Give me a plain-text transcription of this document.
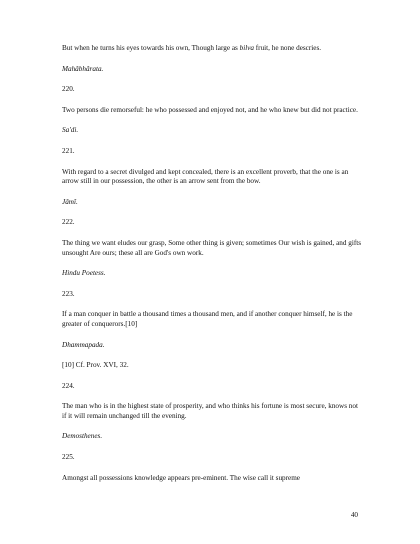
But when he turns his eyes towards his own, Though large as bilva fruit, he none descries.

Mahâbhârata.

220.

Two persons die remorseful: he who possessed and enjoyed not, and he who knew but did not practice.

Sa'di.

221.

With regard to a secret divulged and kept concealed, there is an excellent proverb, that the one is an arrow still in our possession, the other is an arrow sent from the bow.

Jâmî.

222.

The thing we want eludes our grasp, Some other thing is given; sometimes Our wish is gained, and gifts unsought Are ours; these all are God's own work.

Hindu Poetess.

223.

If a man conquer in battle a thousand times a thousand men, and if another conquer himself, he is the greater of conquerors.[10]

Dhammapada.

[10] Cf. Prov. XVI, 32.

224.

The man who is in the highest state of prosperity, and who thinks his fortune is most secure, knows not if it will remain unchanged till the evening.

Demosthenes.

225.

Amongst all possessions knowledge appears pre-eminent. The wise call it supreme

40
